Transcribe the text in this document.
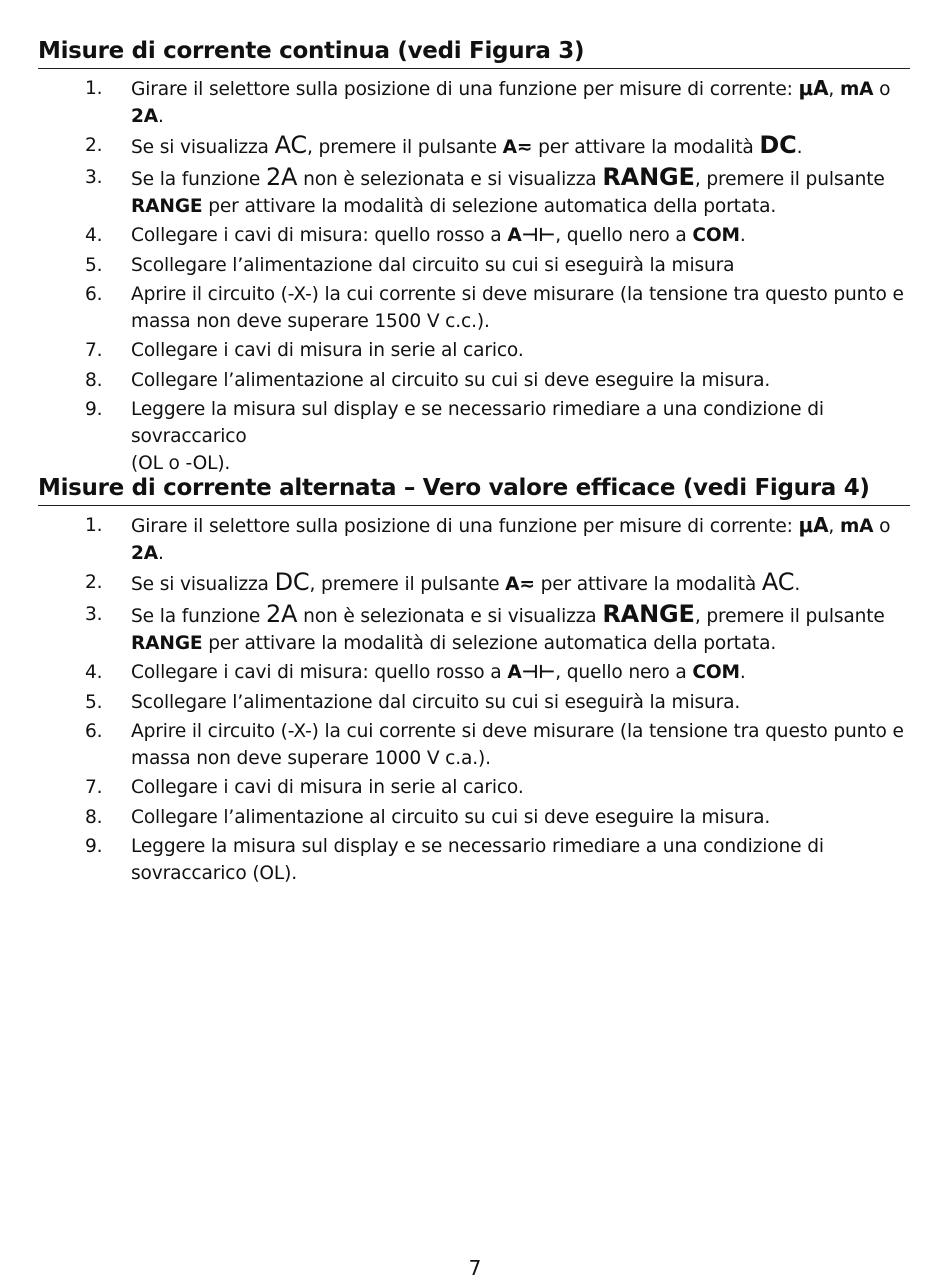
Misure di corrente continua (vedi Figura 3)
1. Girare il selettore sulla posizione di una funzione per misure di corrente: μA, mA o 2A.
2. Se si visualizza AC, premere il pulsante A≂ per attivare la modalità DC.
3. Se la funzione 2A non è selezionata e si visualizza RANGE, premere il pulsante RANGE per attivare la modalità di selezione automatica della portata.
4. Collegare i cavi di misura: quello rosso a A⊣⊢, quello nero a COM.
5. Scollegare l’alimentazione dal circuito su cui si eseguirà la misura
6. Aprire il circuito (-X-) la cui corrente si deve misurare (la tensione tra questo punto e massa non deve superare 1500 V c.c.).
7. Collegare i cavi di misura in serie al carico.
8. Collegare l’alimentazione al circuito su cui si deve eseguire la misura.
9. Leggere la misura sul display e se necessario rimediare a una condizione di sovraccarico
(OL o -OL).
Misure di corrente alternata – Vero valore efficace (vedi Figura 4)
1. Girare il selettore sulla posizione di una funzione per misure di corrente: μA, mA o 2A.
2. Se si visualizza DC, premere il pulsante A≂ per attivare la modalità AC.
3. Se la funzione 2A non è selezionata e si visualizza RANGE, premere il pulsante RANGE per attivare la modalità di selezione automatica della portata.
4. Collegare i cavi di misura: quello rosso a A⊣⊢, quello nero a COM.
5. Scollegare l’alimentazione dal circuito su cui si eseguirà la misura.
6. Aprire il circuito (-X-) la cui corrente si deve misurare (la tensione tra questo punto e massa non deve superare 1000 V c.a.).
7. Collegare i cavi di misura in serie al carico.
8. Collegare l’alimentazione al circuito su cui si deve eseguire la misura.
9. Leggere la misura sul display e se necessario rimediare a una condizione di sovraccarico (OL).
7
